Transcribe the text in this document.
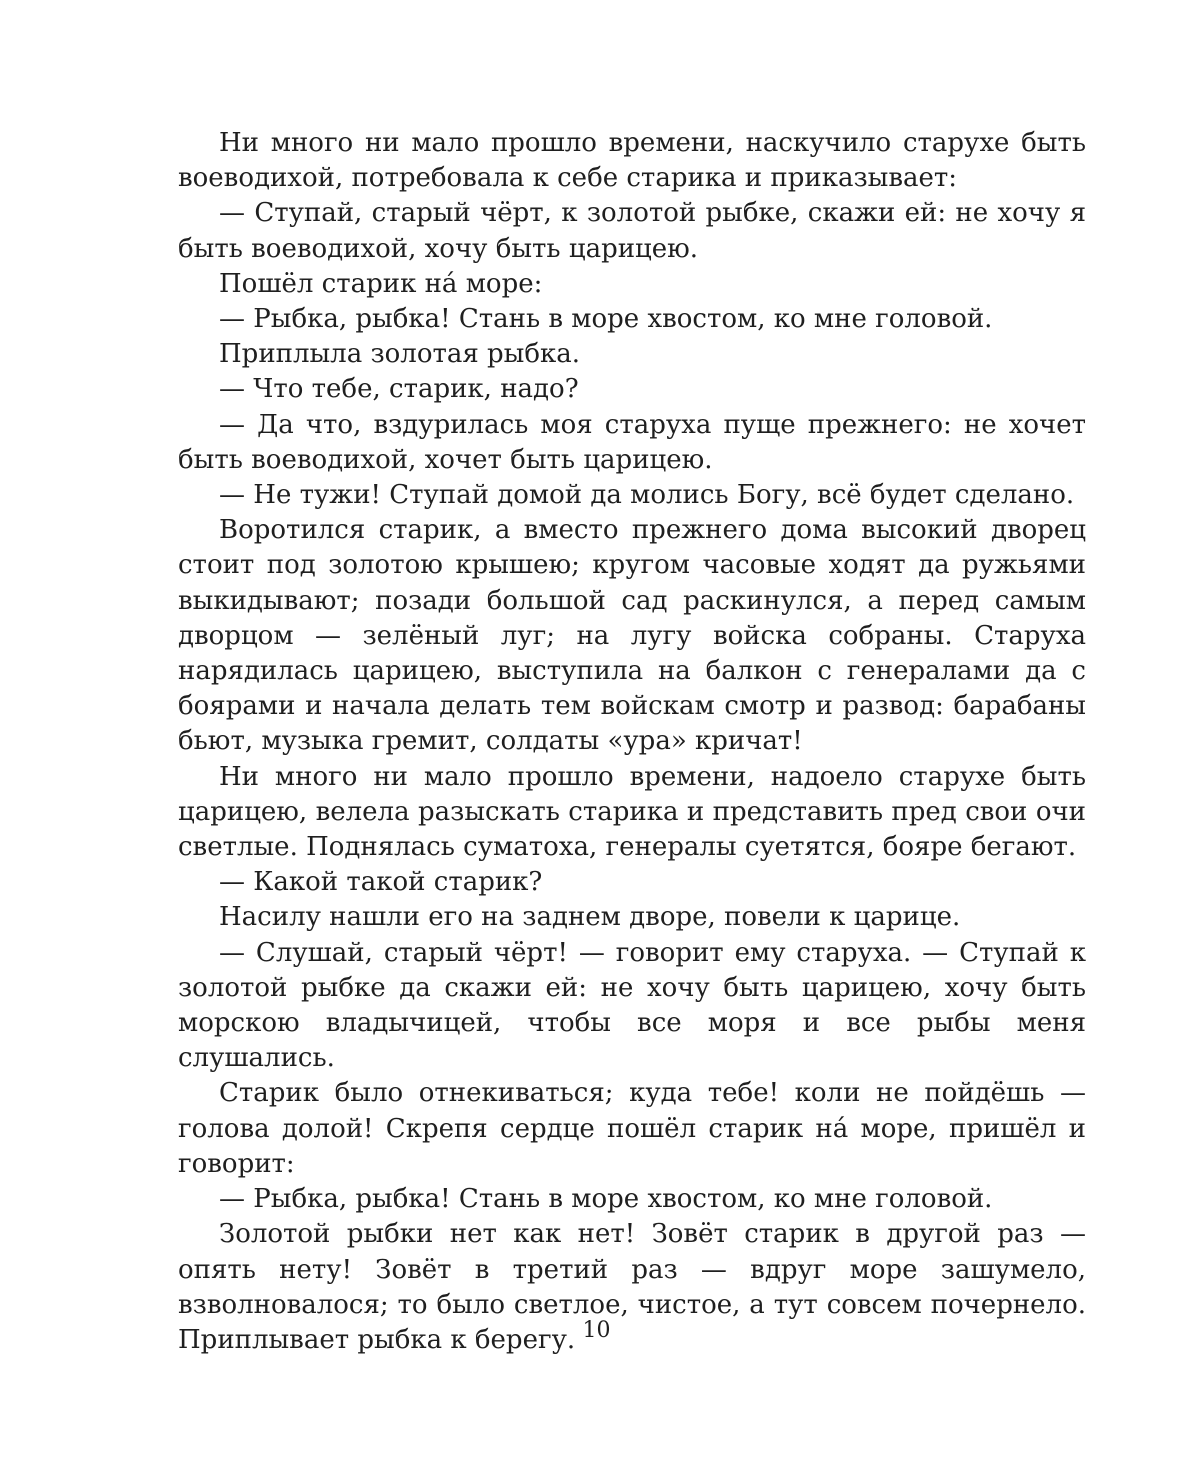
Ни много ни мало прошло времени, наскучило старухе быть воеводихой, потребовала к себе старика и приказывает:

— Ступай, старый чёрт, к золотой рыбке, скажи ей: не хочу я быть воеводихой, хочу быть царицею.

Пошёл старик на́ море:

— Рыбка, рыбка! Стань в море хвостом, ко мне головой.

Приплыла золотая рыбка.

— Что тебе, старик, надо?

— Да что, вздурилась моя старуха пуще прежнего: не хочет быть воеводихой, хочет быть царицею.

— Не тужи! Ступай домой да молись Богу, всё будет сделано.

Воротился старик, а вместо прежнего дома высокий дворец стоит под золотою крышею; кругом часовые ходят да ружьями выкидывают; позади большой сад раскинулся, а перед самым дворцом — зелёный луг; на лугу войска собраны. Старуха нарядилась царицею, выступила на балкон с генералами да с боярами и начала делать тем войскам смотр и развод: барабаны бьют, музыка гремит, солдаты «ура» кричат!

Ни много ни мало прошло времени, надоело старухе быть царицею, велела разыскать старика и представить пред свои очи светлые. Поднялась суматоха, генералы суетятся, бояре бегают.

— Какой такой старик?

Насилу нашли его на заднем дворе, повели к царице.

— Слушай, старый чёрт! — говорит ему старуха. — Ступай к золотой рыбке да скажи ей: не хочу быть царицею, хочу быть морскою владычицей, чтобы все моря и все рыбы меня слушались.

Старик было отнекиваться; куда тебе! коли не пойдёшь — голова долой! Скрепя сердце пошёл старик на́ море, пришёл и говорит:

— Рыбка, рыбка! Стань в море хвостом, ко мне головой.

Золотой рыбки нет как нет! Зовёт старик в другой раз — опять нету! Зовёт в третий раз — вдруг море зашумело, взволновалося; то было светлое, чистое, а тут совсем почернело. Приплывает рыбка к берегу. 10
